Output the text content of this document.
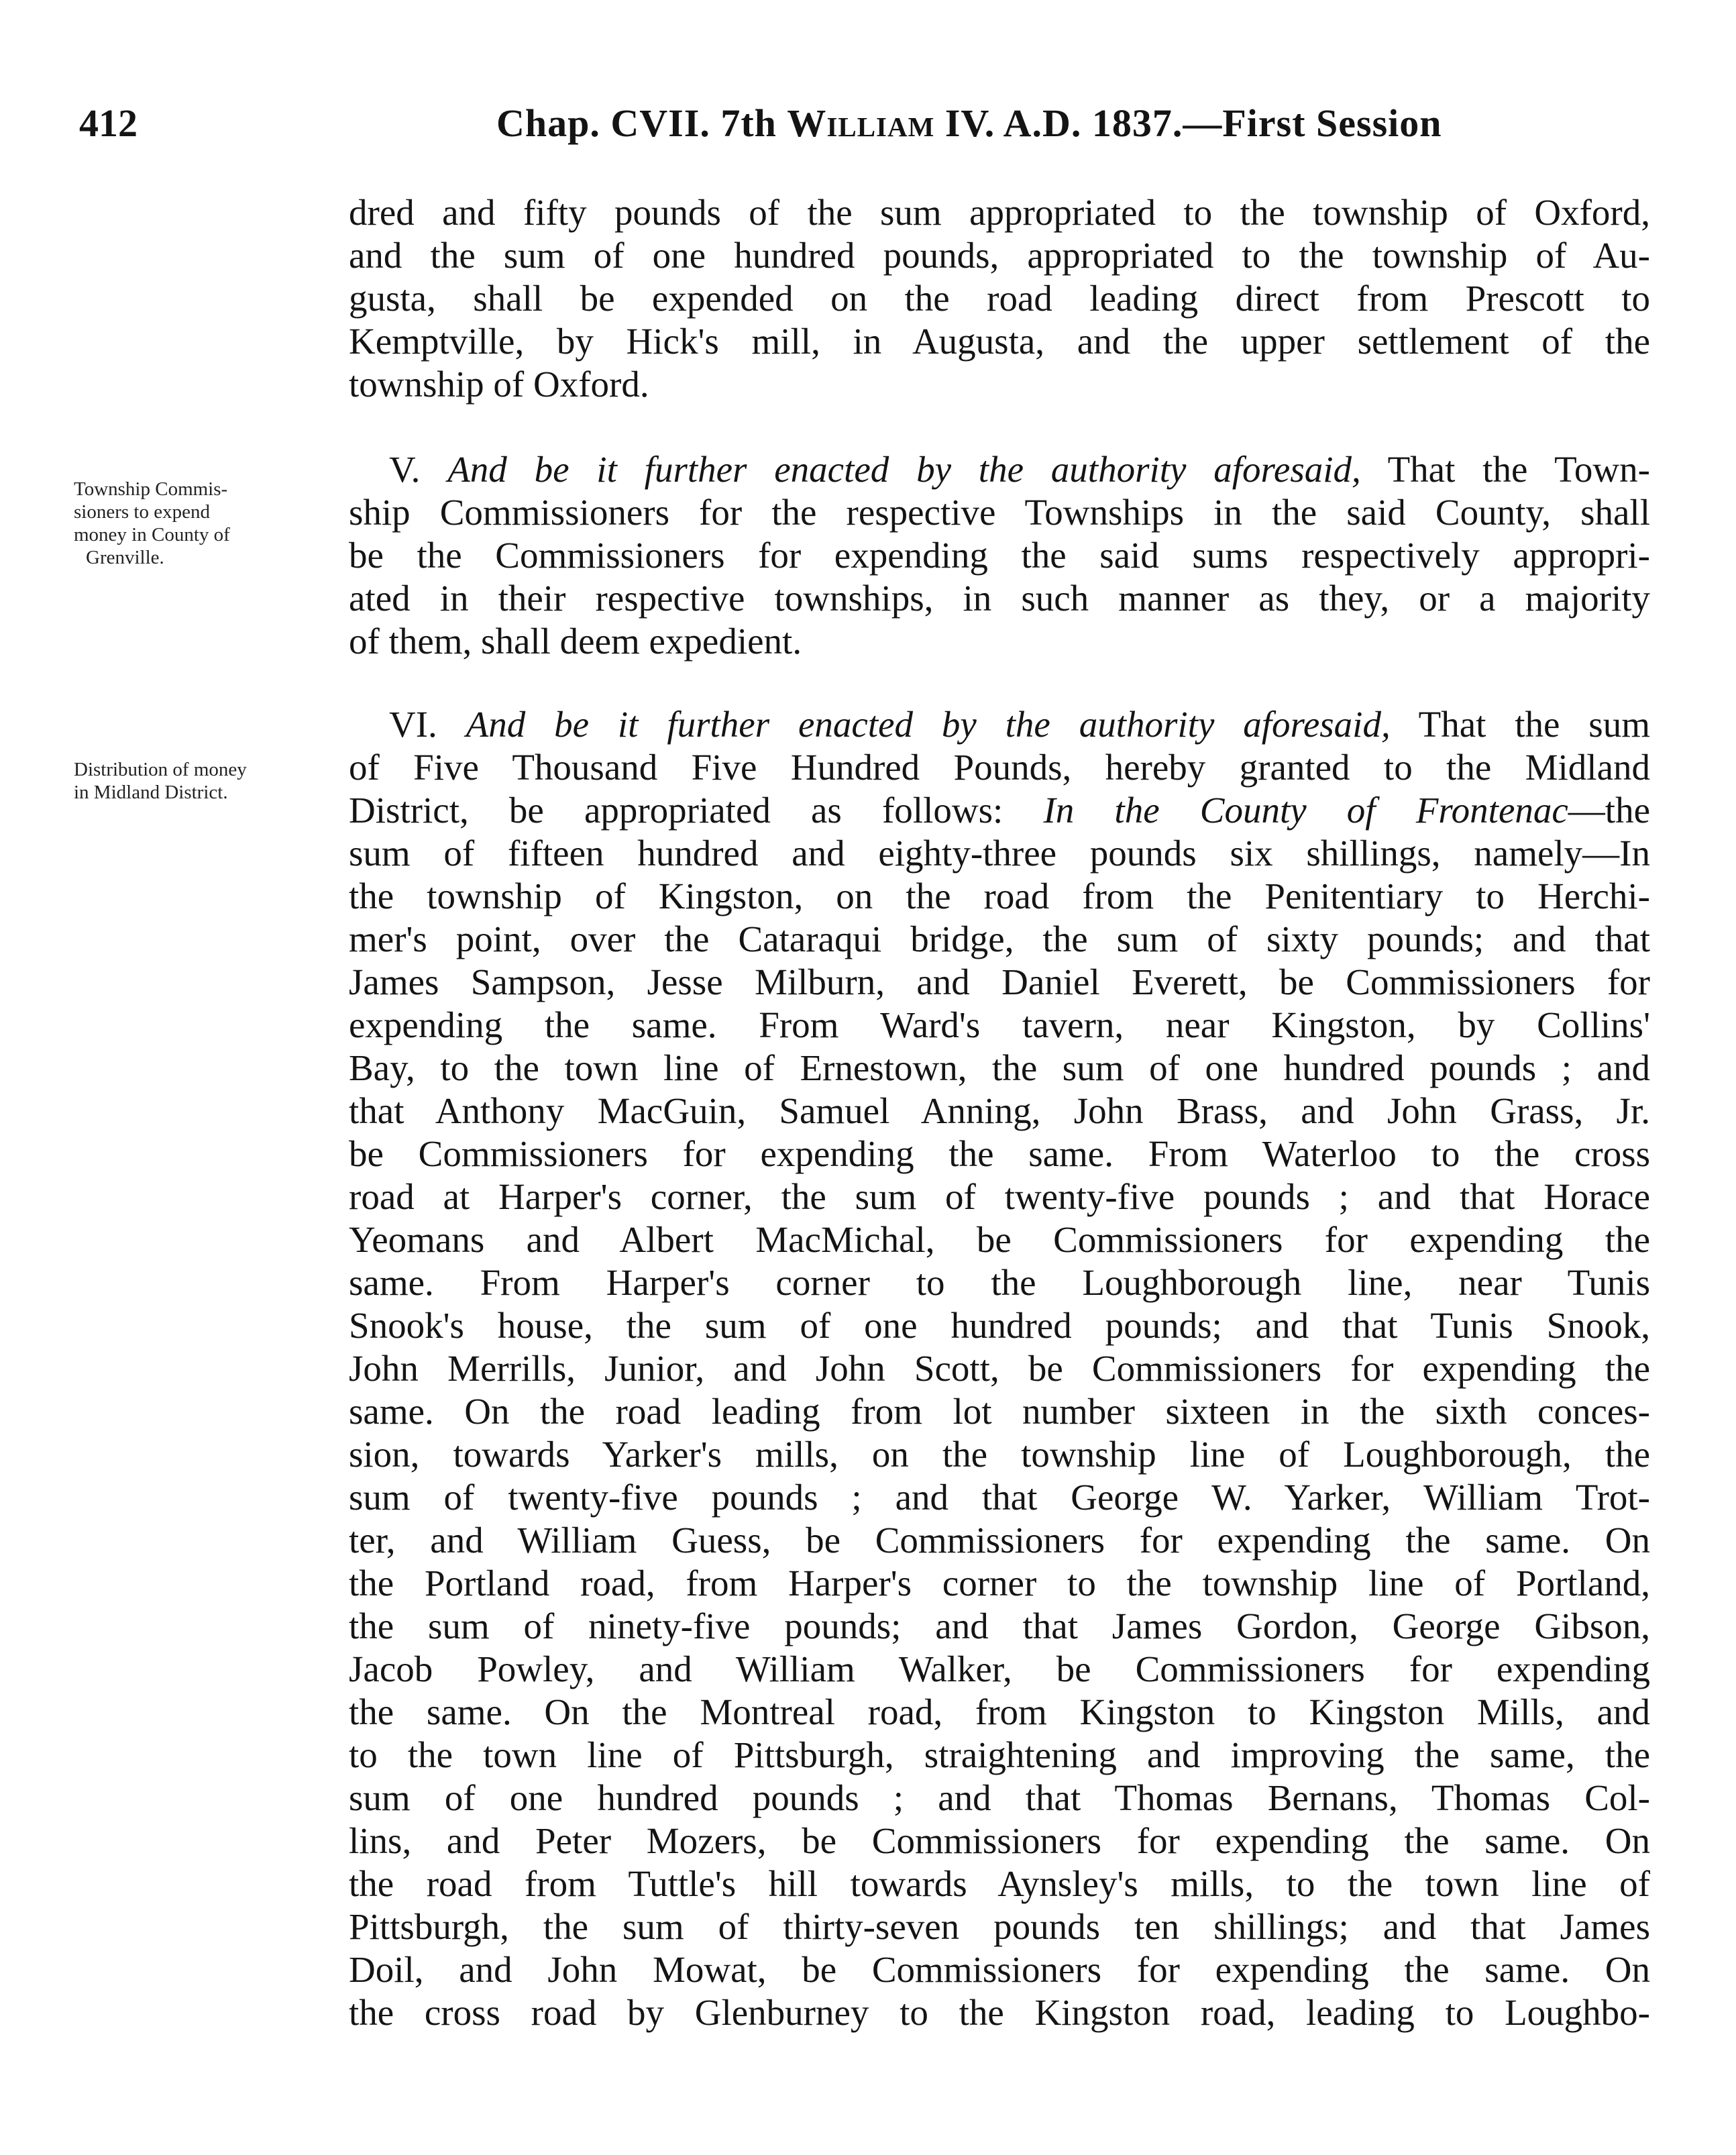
412	Chap. CVII. 7th William IV. A.D. 1837.—First Session
dred and fifty pounds of the sum appropriated to the township of Oxford,
and the sum of one hundred pounds, appropriated to the township of Au-
gusta, shall be expended on the road leading direct from Prescott to
Kemptville, by Hick's mill, in Augusta, and the upper settlement of the
township of Oxford.
Township Commis-
sioners to expend
money in County of
Grenville.
V. And be it further enacted by the authority aforesaid, That the Town-
ship Commissioners for the respective Townships in the said County, shall
be the Commissioners for expending the said sums respectively appropri-
ated in their respective townships, in such manner as they, or a majority
of them, shall deem expedient.
Distribution of money
in Midland District.
VI. And be it further enacted by the authority aforesaid, That the sum
of Five Thousand Five Hundred Pounds, hereby granted to the Midland
District, be appropriated as follows: In the County of Frontenac—the
sum of fifteen hundred and eighty-three pounds six shillings, namely—In
the township of Kingston, on the road from the Penitentiary to Herchi-
mer's point, over the Cataraqui bridge, the sum of sixty pounds; and that
James Sampson, Jesse Milburn, and Daniel Everett, be Commissioners for
expending the same. From Ward's tavern, near Kingston, by Collins'
Bay, to the town line of Ernestown, the sum of one hundred pounds ; and
that Anthony MacGuin, Samuel Anning, John Brass, and John Grass, Jr.
be Commissioners for expending the same. From Waterloo to the cross
road at Harper's corner, the sum of twenty-five pounds ; and that Horace
Yeomans and Albert MacMichal, be Commissioners for expending the
same. From Harper's corner to the Loughborough line, near Tunis
Snook's house, the sum of one hundred pounds; and that Tunis Snook,
John Merrills, Junior, and John Scott, be Commissioners for expending the
same. On the road leading from lot number sixteen in the sixth conces-
sion, towards Yarker's mills, on the township line of Loughborough, the
sum of twenty-five pounds ; and that George W. Yarker, William Trot-
ter, and William Guess, be Commissioners for expending the same. On
the Portland road, from Harper's corner to the township line of Portland,
the sum of ninety-five pounds; and that James Gordon, George Gibson,
Jacob Powley, and William Walker, be Commissioners for expending
the same. On the Montreal road, from Kingston to Kingston Mills, and
to the town line of Pittsburgh, straightening and improving the same, the
sum of one hundred pounds ; and that Thomas Bernans, Thomas Col-
lins, and Peter Mozers, be Commissioners for expending the same. On
the road from Tuttle's hill towards Aynsley's mills, to the town line of
Pittsburgh, the sum of thirty-seven pounds ten shillings; and that James
Doil, and John Mowat, be Commissioners for expending the same. On
the cross road by Glenburney to the Kingston road, leading to Loughbo-
